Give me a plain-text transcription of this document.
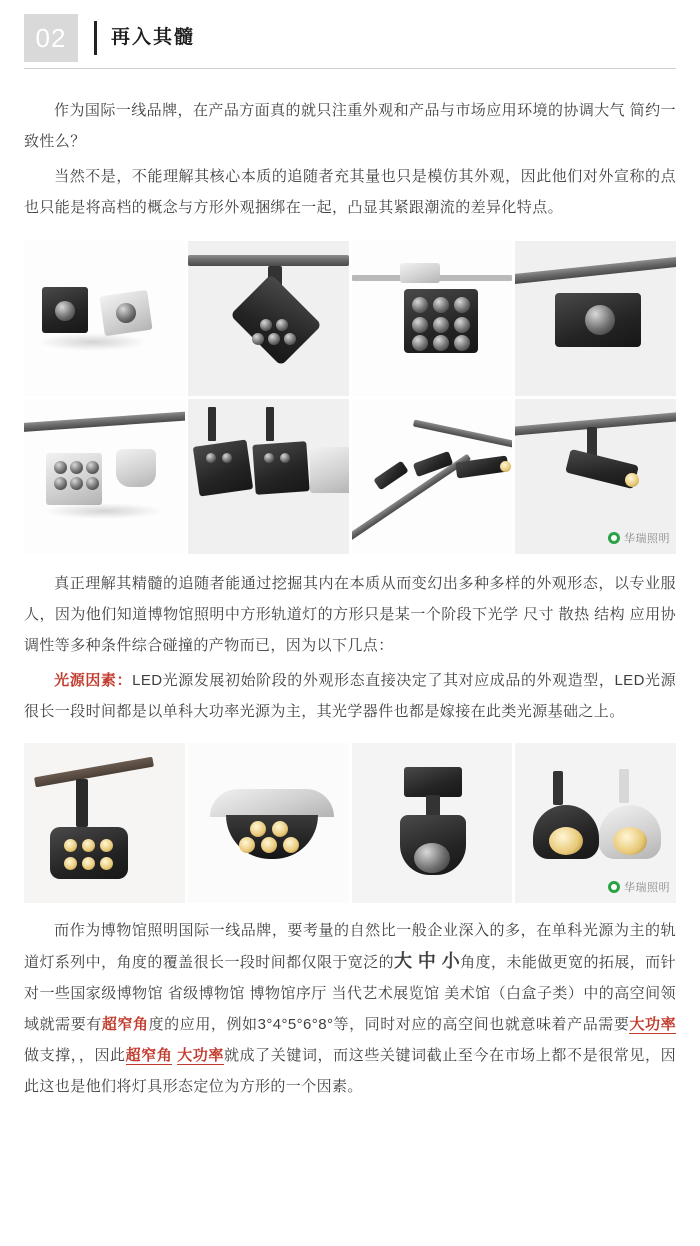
02	再入其髓

作为国际一线品牌，在产品方面真的就只注重外观和产品与市场应用环境的协调大气 简约一致性么？

当然不是，不能理解其核心本质的追随者充其量也只是模仿其外观，因此他们对外宣称的点也只能是将高档的概念与方形外观捆绑在一起，凸显其紧跟潮流的差异化特点。

华瑞照明

真正理解其精髓的追随者能通过挖掘其内在本质从而变幻出多种多样的外观形态，以专业服人，因为他们知道博物馆照明中方形轨道灯的方形只是某一个阶段下光学 尺寸 散热 结构 应用协调性等多种条件综合碰撞的产物而已，因为以下几点：

光源因素：LED光源发展初始阶段的外观形态直接决定了其对应成品的外观造型，LED光源很长一段时间都是以单科大功率光源为主，其光学器件也都是嫁接在此类光源基础之上。

华瑞照明

而作为博物馆照明国际一线品牌，要考量的自然比一般企业深入的多，在单科光源为主的轨道灯系列中，角度的覆盖很长一段时间都仅限于宽泛的大 中 小角度，未能做更宽的拓展，而针对一些国家级博物馆 省级博物馆 博物馆序厅 当代艺术展览馆 美术馆（白盒子类）中的高空间领域就需要有超窄角度的应用，例如3°4°5°6°8°等，同时对应的高空间也就意味着产品需要大功率做支撑，，因此超窄角 大功率就成了关键词，而这些关键词截止至今在市场上都不是很常见，因此这也是他们将灯具形态定位为方形的一个因素。
